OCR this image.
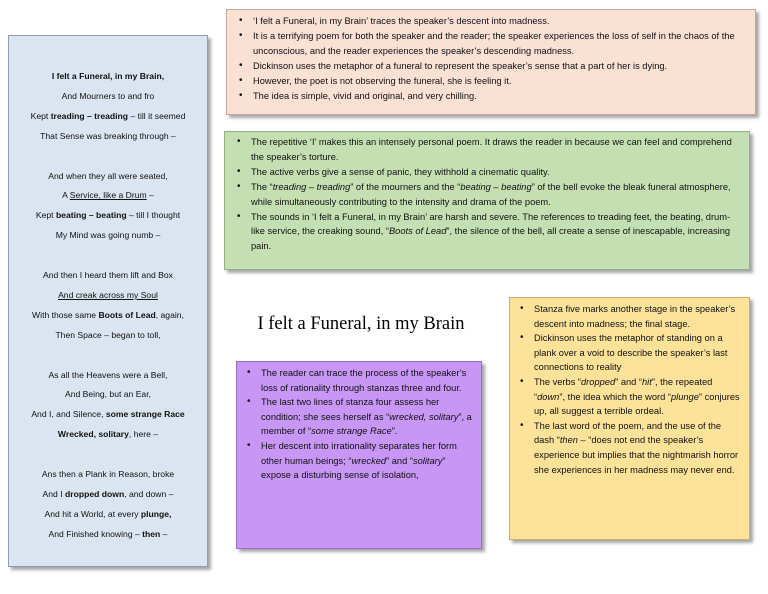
I felt a Funeral, in my Brain,
And Mourners to and fro
Kept treading – treading – till it seemed
That Sense was breaking through –
And when they all were seated,
A Service, like a Drum –
Kept beating – beating – till I thought
My Mind was going numb –
And then I heard them lift and Box
And creak across my Soul
With those same Boots of Lead, again,
Then Space – began to toll,
As all the Heavens were a Bell,
And Being, but an Ear,
And I, and Silence, some strange Race
Wrecked, solitary, here –
Ans then a Plank in Reason, broke
And I dropped down, and down –
And hit a World, at every plunge,
And Finished knowing – then –
• ‘I felt a Funeral, in my Brain’ traces the speaker’s descent into madness.
• It is a terrifying poem for both the speaker and the reader; the speaker experiences the loss of self in the chaos of the unconscious, and the reader experiences the speaker’s descending madness.
• Dickinson uses the metaphor of a funeral to represent the speaker’s sense that a part of her is dying.
• However, the poet is not observing the funeral, she is feeling it.
• The idea is simple, vivid and original, and very chilling.
• The repetitive ‘I’ makes this an intensely personal poem. It draws the reader in because we can feel and comprehend the speaker’s torture.
• The active verbs give a sense of panic, they withhold a cinematic quality.
• The “treading – treading” of the mourners and the “beating – beating” of the bell evoke the bleak funeral atmosphere, while simultaneously contributing to the intensity and drama of the poem.
• The sounds in ‘I felt a Funeral, in my Brain’ are harsh and severe. The references to treading feet, the beating, drum-like service, the creaking sound, “Boots of Lead”, the silence of the bell, all create a sense of inescapable, increasing pain.
I felt a Funeral, in my Brain
• The reader can trace the process of the speaker’s loss of rationality through stanzas three and four.
• The last two lines of stanza four assess her condition; she sees herself as “wrecked, solitary”, a member of “some strange Race”.
• Her descent into irrationality separates her form other human beings; “wrecked” and “solitary” expose a disturbing sense of isolation,
• Stanza five marks another stage in the speaker’s descent into madness; the final stage.
• Dickinson uses the metaphor of standing on a plank over a void to describe the speaker’s last connections to reality
• The verbs “dropped” and “hit”, the repeated “down”, the idea which the word “plunge” conjures up, all suggest a terrible ordeal.
• The last word of the poem, and the use of the dash “then – “does not end the speaker’s experience but implies that the nightmarish horror she experiences in her madness may never end.
